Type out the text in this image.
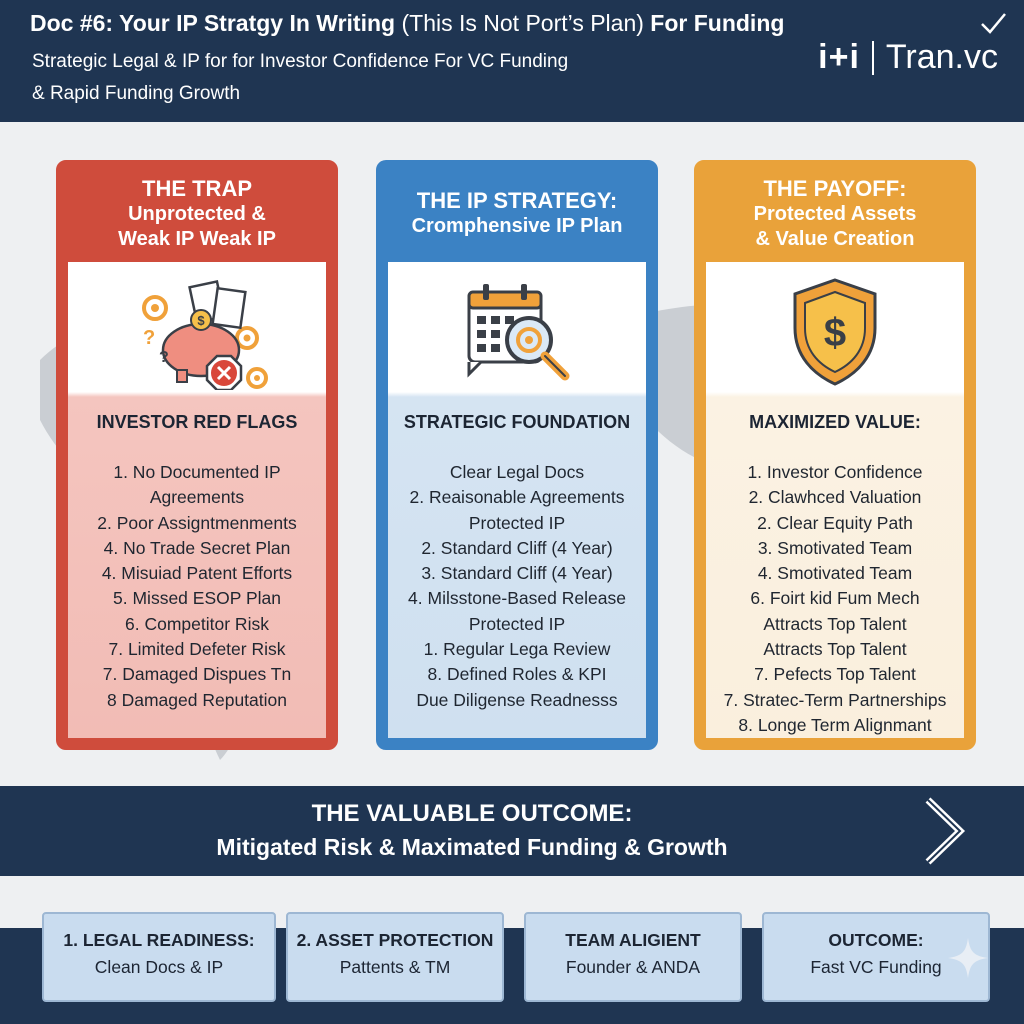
Doc #6: Your IP Stratgy In Writing (This Is Not Port’s Plan) For Funding
Strategic Legal & IP for for Investor Confidence For VC Funding
& Rapid Funding Growth
i+i Tran.vc
THE TRAP
Unprotected &
Weak IP Weak IP
$
?
?
INVESTOR RED FLAGS
1. No Documented IP
Agreements
2. Poor Assigntmenments
4. No Trade Secret Plan
4. Misuiad Patent Efforts
5. Missed ESOP Plan
6. Competitor Risk
7. Limited Defeter Risk
7. Damaged Dispues Tn
8 Damaged Reputation
THE IP STRATEGY:
Cromphensive IP Plan
STRATEGIC FOUNDATION
Clear Legal Docs
2. Reaisonable Agreements
Protected IP
2. Standard Cliff (4 Year)
3. Standard Cliff (4 Year)
4. Milsstone-Based Release
Protected IP
1. Regular Lega Review
8. Defined Roles & KPI
Due Diligense Readnesss
THE PAYOFF:
Protected Assets
& Value Creation
$
MAXIMIZED VALUE:
1. Investor Confidence
2. Clawhced Valuation
2. Clear Equity Path
3. Smotivated Team
4. Smotivated Team
6. Foirt kid Fum Mech
Attracts Top Talent
Attracts Top Talent
7. Pefects Top Talent
7. Stratec-Term Partnerships
8. Longe Term Alignmant
THE VALUABLE OUTCOME:
Mitigated Risk & Maximated Funding & Growth
1. LEGAL READINESS:
Clean Docs & IP
2. ASSET PROTECTION
Pattents & TM
TEAM ALIGIENT
Founder & ANDA
OUTCOME:
Fast VC Funding
